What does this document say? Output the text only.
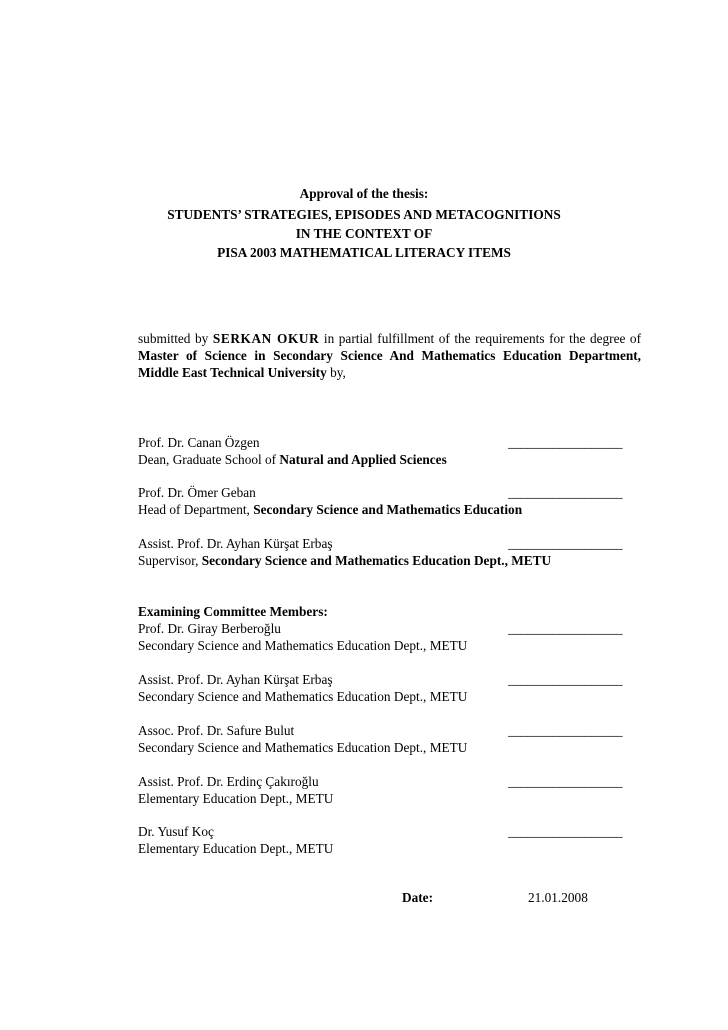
Approval of the thesis:
STUDENTS’ STRATEGIES, EPISODES AND METACOGNITIONS
IN THE CONTEXT OF
PISA 2003 MATHEMATICAL LITERACY ITEMS
submitted by SERKAN OKUR in partial fulfillment of the requirements for the degree of Master of Science in Secondary Science And Mathematics Education Department, Middle East Technical University by,
Prof. Dr. Canan Özgen	__________________
Dean, Graduate School of Natural and Applied Sciences
Prof. Dr. Ömer Geban	__________________
Head of Department, Secondary Science and Mathematics Education
Assist. Prof. Dr. Ayhan Kürşat Erbaş	__________________
Supervisor, Secondary Science and Mathematics Education Dept., METU
Examining Committee Members:
Prof. Dr. Giray Berberoğlu	__________________
Secondary Science and Mathematics Education Dept., METU
Assist. Prof. Dr. Ayhan Kürşat Erbaş	__________________
Secondary Science and Mathematics Education Dept., METU
Assoc. Prof. Dr. Safure Bulut	__________________
Secondary Science and Mathematics Education Dept., METU
Assist. Prof. Dr. Erdinç Çakıroğlu	__________________
Elementary Education Dept., METU
Dr. Yusuf Koç	__________________
Elementary Education Dept., METU
Date:	21.01.2008
